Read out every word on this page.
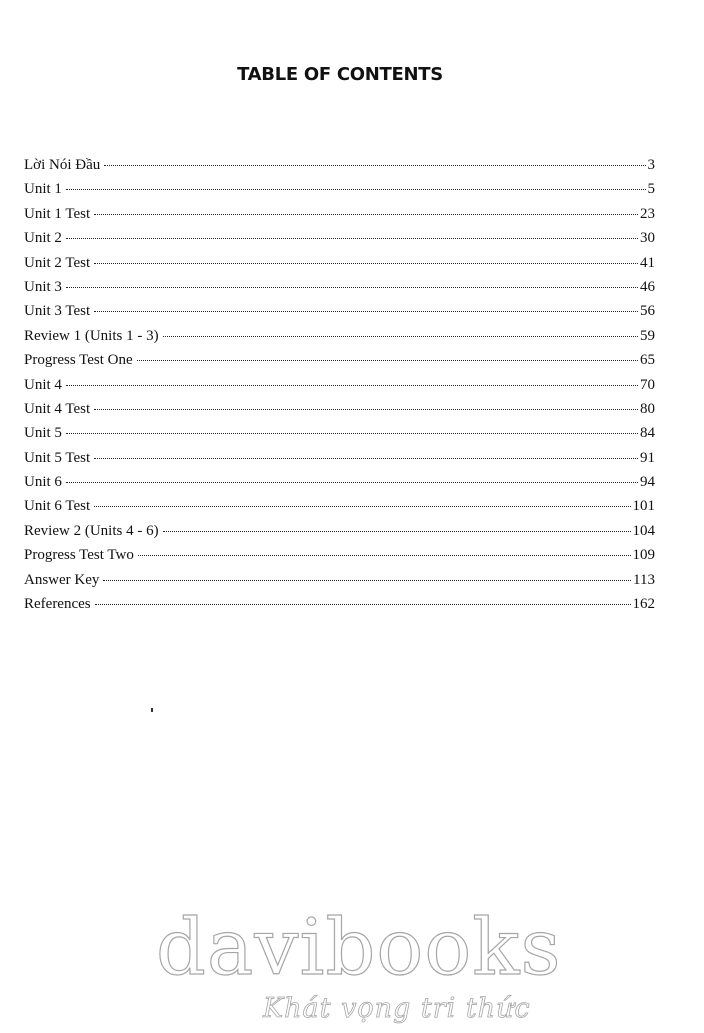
TABLE OF CONTENTS
Lời Nói Đầu	3
Unit 1	5
Unit 1 Test	23
Unit 2	30
Unit 2 Test	41
Unit 3	46
Unit 3 Test	56
Review 1 (Units 1 - 3)	59
Progress Test One	65
Unit 4	70
Unit 4 Test	80
Unit 5	84
Unit 5 Test	91
Unit 6	94
Unit 6 Test	101
Review 2 (Units 4 - 6)	104
Progress Test Two	109
Answer Key	113
References	162
davibooks
Khát vọng tri thức
